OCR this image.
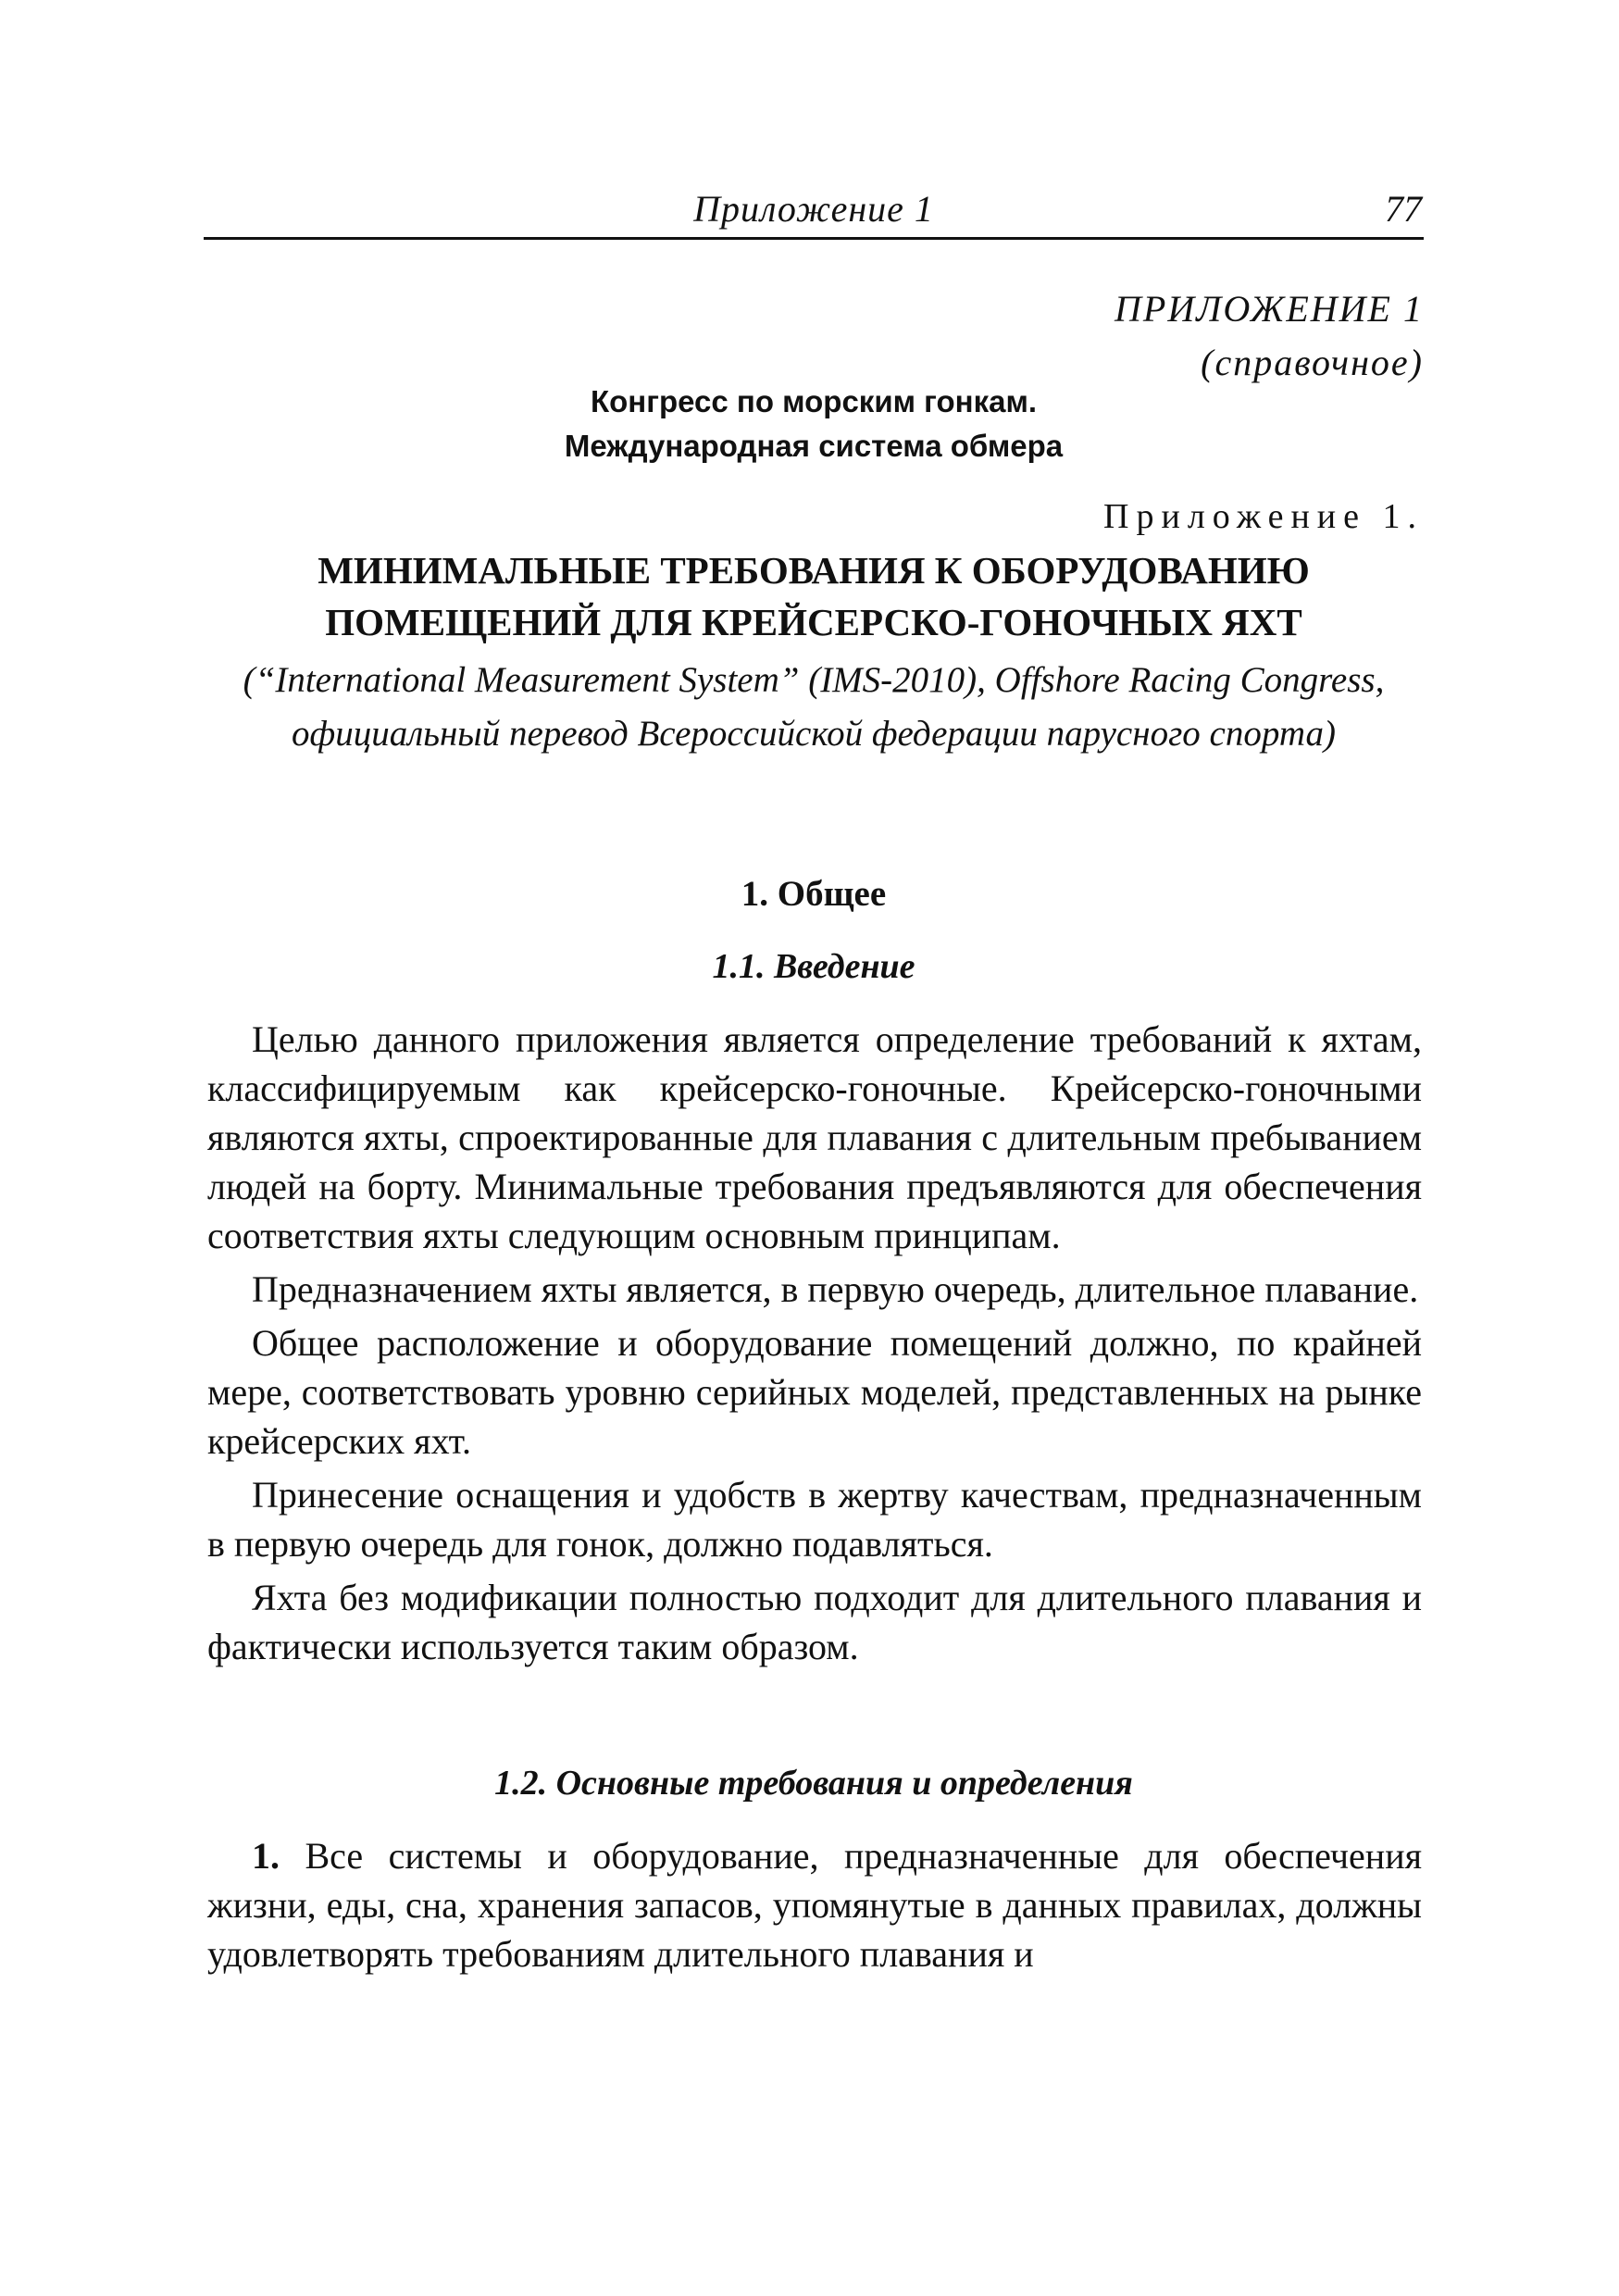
Приложение 1	77
ПРИЛОЖЕНИЕ 1
(справочное)
Конгресс по морским гонкам.
Международная система обмера
Приложение 1.
МИНИМАЛЬНЫЕ ТРЕБОВАНИЯ К ОБОРУДОВАНИЮ
ПОМЕЩЕНИЙ ДЛЯ КРЕЙСЕРСКО-ГОНОЧНЫХ ЯХТ
(“International Measurement System” (IMS-2010), Offshore Racing Congress,
официальный перевод Всероссийской федерации парусного спорта)
1. Общее
1.1. Введение

Целью данного приложения является определение требований к яхтам, классифицируемым как крейсерско-гоночные. Крейсерско-гоночными являются яхты, спроектированные для плавания с длительным пребыванием людей на борту. Минимальные требования предъявляются для обеспечения соответствия яхты следующим основным принципам.

Предназначением яхты является, в первую очередь, длительное плавание.

Общее расположение и оборудование помещений должно, по крайней мере, соответствовать уровню серийных моделей, представленных на рынке крейсерских яхт.

Принесение оснащения и удобств в жертву качествам, предназначенным в первую очередь для гонок, должно подавляться.

Яхта без модификации полностью подходит для длительного плавания и фактически используется таким образом.

1.2. Основные требования и определения

1. Все системы и оборудование, предназначенные для обеспечения жизни, еды, сна, хранения запасов, упомянутые в данных правилах, должны удовлетворять требованиям длительного плавания и
